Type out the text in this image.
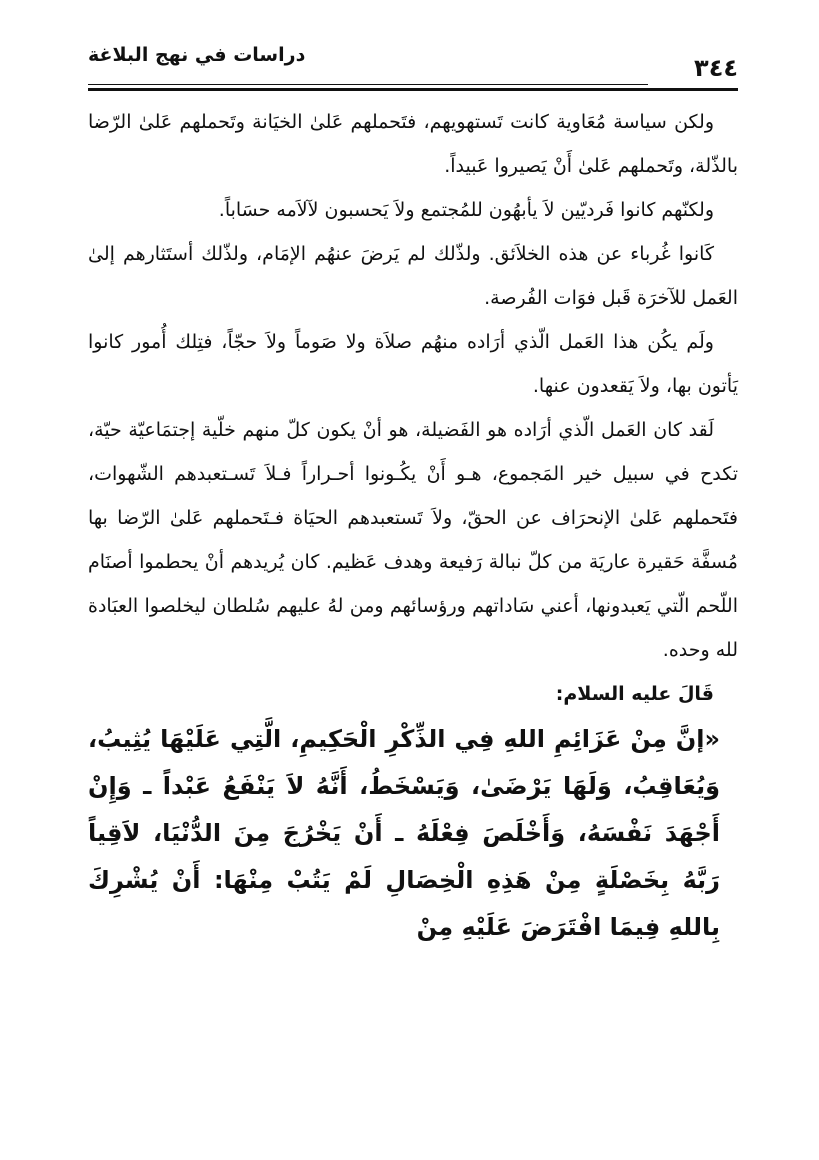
دراسات في نهج البلاغة	٣٤٤

ولكن سياسة مُعَاوية كانت تَستهويهم، فتَحملهم عَلىٰ الخيَانة وتَحملهم عَلىٰ الرّضا بالذّلة، وتَحملهم عَلىٰ أَنْ يَصيروا عَبيداً.

ولكنّهم كانوا فَرديّين لاَ يأبهُون للمُجتمع ولاَ يَحسبون لآلاَمه حسَاباً.

كَانوا غُرباء عن هذه الخلاَئق. ولذّلك لم يَرضَ عنهُم الإمَام، ولذّلك أستَثارهم إلىٰ العَمل للآخرَة قَبل فوَات الفُرصة.

ولَم يكُن هذا العَمل الّذي أرَاده منهُم صلاَة ولا صَوماً ولاَ حجّاً، فتِلك أُمور كانوا يَأتون بها، ولاَ يَقعدون عنها.

لَقد كان العَمل الّذي أرَاده هو الفَضيلة، هو أنْ يكون كلّ منهم خلّية إجتمَاعيّة حيّة، تكدح في سبيل خير المَجموع، هـو أَنْ يكُـونوا أحـراراً فـلاَ تَسـتعبدهم الشّهوات، فتَحملهم عَلىٰ الإنحرَاف عن الحقّ، ولاَ تَستعبدهم الحيَاة فـتَحملهم عَلىٰ الرّضا بها مُسفَّة حَقيرة عاريَة من كلّ نبالة رَفيعة وهدف عَظيم. كان يُريدهم أنْ يحطموا أصنَام اللّحم الّتي يَعبدونها، أعني سَاداتهم ورؤسائهم ومن لهُ عليهم سُلطان ليخلصوا العبَادة لله وحده.

قَالَ عليه السلام:

«إنَّ مِنْ عَزَائِمِ اللهِ فِي الذِّكْرِ الْحَكِيمِ، الَّتِي عَلَيْهَا يُثِيبُ، وَيُعَاقِبُ، وَلَهَا يَرْضَىٰ، وَيَسْخَطُ، أَنَّهُ لاَ يَنْفَعُ عَبْداً ـ وَإِنْ أَجْهَدَ نَفْسَهُ، وَأَخْلَصَ فِعْلَهُ ـ أَنْ يَخْرُجَ مِنَ الدُّنْيَا، لاَقِياً رَبَّهُ بِخَصْلَةٍ مِنْ هَذِهِ الْخِصَالِ لَمْ يَتُبْ مِنْهَا: أَنْ يُشْرِكَ بِاللهِ فِيمَا افْتَرَضَ عَلَيْهِ مِنْ
